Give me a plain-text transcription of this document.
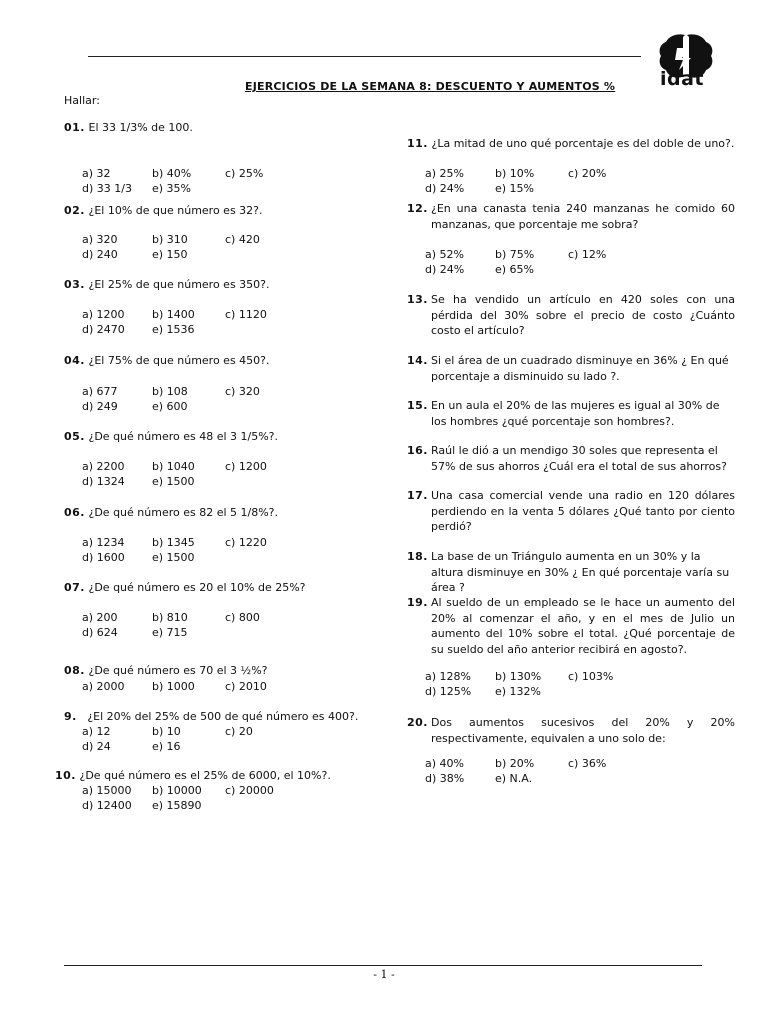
idat
EJERCICIOS DE LA SEMANA 8: DESCUENTO Y AUMENTOS %
Hallar:
01. El 33 1/3% de 100.
a) 32	b) 40%	c) 25%
d) 33 1/3	e) 35%
02. ¿El 10% de que número es 32?.
a) 320	b) 310	c) 420
d) 240	e) 150
03. ¿El 25% de que número es 350?.
a) 1200	b) 1400	c) 1120
d) 2470	e) 1536
04. ¿El 75% de que número es 450?.
a) 677	b) 108	c) 320
d) 249	e) 600
05. ¿De qué número es 48 el 3 1/5%?.
a) 2200	b) 1040	c) 1200
d) 1324	e) 1500
06. ¿De qué número es 82 el 5 1/8%?.
a) 1234	b) 1345	c) 1220
d) 1600	e) 1500
07. ¿De qué número es 20 el 10% de 25%?
a) 200	b) 810	c) 800
d) 624	e) 715
08. ¿De qué número es 70 el 3 ½%?
a) 2000	b) 1000	c) 2010
9. ¿El 20% del 25% de 500 de qué número es 400?.
a) 12	b) 10	c) 20
d) 24	e) 16
10. ¿De qué número es el 25% de 6000, el 10%?.
a) 15000	b) 10000	c) 20000
d) 12400	e) 15890
11. ¿La mitad de uno qué porcentaje es del doble de uno?.
a) 25%	b) 10%	c) 20%
d) 24%	e) 15%
12. ¿En una canasta tenia 240 manzanas he comido 60 manzanas, que porcentaje me sobra?
a) 52%	b) 75%	c) 12%
d) 24%	e) 65%
13. Se ha vendido un artículo en 420 soles con una pérdida del 30% sobre el precio de costo ¿Cuánto costo el artículo?
14. Si el área de un cuadrado disminuye en 36% ¿ En qué porcentaje a disminuido su lado ?.
15. En un aula el 20% de las mujeres es igual al 30% de los hombres ¿qué porcentaje son hombres?.
16. Raúl le dió a un mendigo 30 soles que representa el 57% de sus ahorros ¿Cuál era el total de sus ahorros?
17. Una casa comercial vende una radio en 120 dólares perdiendo en la venta 5 dólares ¿Qué tanto por ciento perdió?
18. La base de un Triángulo aumenta en un 30% y la altura disminuye en 30% ¿ En qué porcentaje varía su área ?
19. Al sueldo de un empleado se le hace un aumento del 20% al comenzar el año, y en el mes de Julio un aumento del 10% sobre el total. ¿Qué porcentaje de su sueldo del año anterior recibirá en agosto?.
a) 128%	b) 130%	c) 103%
d) 125%	e) 132%
20. Dos aumentos sucesivos del 20% y 20% respectivamente, equivalen a uno solo de:
a) 40%	b) 20%	c) 36%
d) 38%	e) N.A.
- 1 -
